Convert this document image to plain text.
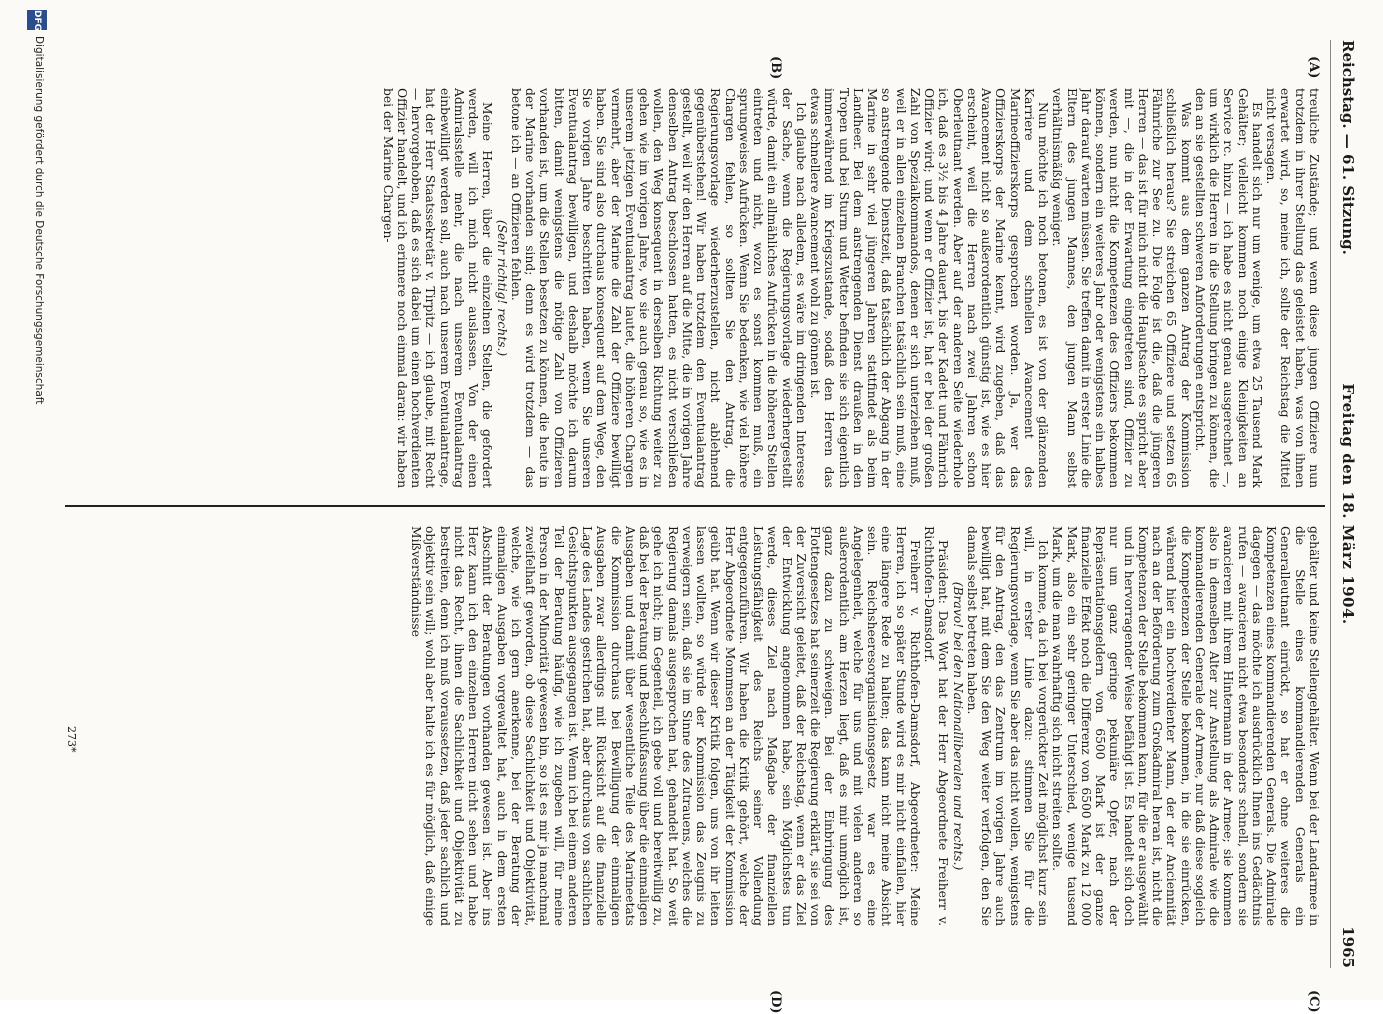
Reichstag. — 61. Sitzung.
Freitag den 18. März 1904.
1965
(A)
(B)
(C)
(D)

treuliche Zustände; und wenn diese jungen Offiziere nun trotzdem in ihrer Stellung das geleistet haben, was von ihnen erwartet wird, so, meine ich, sollte der Reichstag die Mittel nicht versagen.

Es handelt sich nur um wenige, um etwa 25 Tausend Mark Gehälter; vielleicht kommen noch einige Kleinigkeiten an Service rc. hinzu — ich habe es nicht genau ausgerechnet —, um wirklich die Herren in die Stellung bringen zu können, die den an sie gestellten schweren Anforderungen entspricht.

Was kommt aus dem ganzen Antrag der Kommission schließlich heraus? Sie streichen 65 Offiziere und setzen 65 Fähnriche zur See zu. Die Folge ist die, daß die jüngeren Herren — das ist für mich nicht die Hauptsache es spricht aber mit —, die in der Erwartung eingetreten sind, Offizier zu werden, nun nicht die Kompetenzen des Offiziers bekommen können, sondern ein weiteres Jahr oder wenigstens ein halbes Jahr darauf warten müssen. Sie treffen damit in erster Linie die Eltern des jungen Mannes, den jungen Mann selbst verhältnismäßig weniger.

Nun möchte ich noch betonen, es ist von der glänzenden Karriere und dem schnellen Avancement des Marineoffizierskorps gesprochen worden. Ja, wer das Offizierskorps der Marine kennt, wird zugeben, daß das Avancement nicht so außerordentlich günstig ist, wie es hier erscheint, weil die Herren nach zwei Jahren schon Oberleutnant werden. Aber auf der anderen Seite wiederhole ich, daß es 3½ bis 4 Jahre dauert, bis der Kadett und Fähnrich Offizier wird; und wenn er Offizier ist, hat er bei der großen Zahl von Spezialkommandos, denen er sich unterziehen muß, weil er in allen einzelnen Branchen tatsächlich sein muß, eine so anstrengende Dienstzeit, daß tatsächlich der Abgang in der Marine in sehr viel jüngeren Jahren stattfindet als beim Landheer. Bei dem anstrengenden Dienst draußen in den Tropen und bei Sturm und Wetter befinden sie sich eigentlich immerwährend im Kriegszustande, sodaß den Herren das etwas schnellere Avancement wohl zu gönnen ist.

Ich glaube nach alledem, es wäre im dringenden Interesse der Sache, wenn die Regierungsvorlage wiederhergestellt würde, damit ein allmähliches Aufrücken in die höheren Stellen eintreten und nicht, wozu es sonst kommen muß, ein sprungweises Aufrücken. Wenn Sie bedenken, wie viel höhere Chargen fehlen, so sollten Sie den Antrag, die Regierungsvorlage wiederherzustellen, nicht ablehnend gegenüberstehen! Wir haben trotzdem den Eventualantrag gestellt, weil wir den Herren auf die Mitte, die in vorigen Jahre denselben Antrag beschlossen hatten, es nicht verschließen wollen, den Weg konsequent in derselben Richtung weiter zu gehen wie im vorigen Jahre, wo sie auch genau so, wie es in unserem jetzigen Eventualantrag lautet, die höheren Chargen vermehrt, aber der Marine die Zahl der Offiziere bewilligt haben. Sie sind also durchaus konsequent auf dem Wege, den Sie vorigen Jahre beschritten haben, wenn Sie unseren Eventualantrag bewilligen, und deshalb möchte ich darum bitten, damit wenigstens die nötige Zahl von Offizieren vorhanden ist, um die Stellen besetzen zu können, die heute in der Marine vorhanden sind; denn es wird trotzdem — das betone ich — an Offizieren fehlen.

(Sehr richtig! rechts.)

Meine Herren, über die einzelnen Stellen, die gefordert werden, will ich mich nicht auslassen. Von der einen Admiralsstelle mehr, die nach unserem Eventualantrag einbewilligt werden soll, auch nach unserem Eventualantrage, hat der Herr Staatssekretär v. Tirpitz — ich glaube, mit Recht — hervorgehoben, daß es sich dabei um einen hochverdienten Offizier handelt, und ich erinnere noch einmal daran: wir haben bei der Marine Chargen-

gehälter und keine Stellengehälter. Wenn bei der Landarmee in die Stelle eines kommandierenden Generals ein Generalleutnant einrückt, so hat er ohne weiteres die Kompetenzen eines kommandierenden Generals. Die Admirale dagegen — das möchte ich ausdrücklich Ihnen ins Gedächtnis rufen — avancieren nicht etwa besonders schnell, sondern sie avancieren mit ihrem Hintermann in der Armee; sie kommen also in demselben Alter zur Anstellung als Admirale wie die kommandierenden Generale der Armee, nur daß diese sogleich die Kompetenzen der Stelle bekommen, in die sie einrücken, während hier ein hochverdienter Mann, der der Anciennität nach an der Beförderung zum Großadmiral heran ist, nicht die Kompetenzen der Stelle bekommen kann, für die er ausgewählt und in hervorragender Weise befähigt ist. Es handelt sich doch nur um ganz geringe pekuniäre Opfer, nach der Repräsentationsgeldern von 6500 Mark ist der ganze finanzielle Effekt noch die Differenz von 6500 Mark zu 12 000 Mark, also ein sehr geringer Unterschied, wenige tausend Mark, um die man wahrhaftig sich nicht streiten sollte.

Ich komme, da ich bei vorgerückter Zeit möglichst kurz sein will, in erster Linie dazu: stimmen Sie für die Regierungsvorlage, wenn Sie aber das nicht wollen, wenigstens für den Antrag, den das Zentrum im vorigen Jahre auch bewilligt hat, mit dem Sie den Weg weiter verfolgen, den Sie damals selbst betreten haben.

(Bravo! bei den Nationalliberalen und rechts.)

Präsident: Das Wort hat der Herr Abgeordnete Freiherr v. Richthofen-Damsdorf.

Freiherr v. Richthofen-Damsdorf, Abgeordneter: Meine Herren, ich so später Stunde wird es mir nicht einfallen, hier eine längere Rede zu halten; das kann nicht meine Absicht sein. Reichsheeresorganisationsgesetz war es eine Angelegenheit, welche für uns und mit vielen anderen so außerordentlich am Herzen liegt, daß es mir unmöglich ist, ganz dazu zu schweigen. Bei der Einbringung des Flottengesetzes hat seinerzeit die Regierung erklärt, sie sei von der Zuversicht geleitet, daß der Reichstag, wenn er das Ziel der Entwicklung angenommen habe, sein Möglichstes tun werde, dieses Ziel nach Maßgabe der finanziellen Leistungsfähigkeit des Reichs seiner Vollendung entgegenzuführen. Wir haben die Kritik gehört, welche der Herr Abgeordnete Mommsen an der Tätigkeit der Kommission geübt hat. Wenn wir dieser Kritik folgen, uns von ihr leiten lassen wollten, so würde der Kommission das Zeugnis zu verweigern sein, daß sie im Sinne des Zutrauens, welches die Regierung damals ausgesprochen hat, gehandelt hat. So weit gehe ich nicht; im Gegenteil, ich gebe voll und bereitwillig zu, daß bei der Beratung und Beschlußfassung über die einmaligen Ausgaben und damit über wesentliche Teile des Marineetats die Kommission durchaus bei Bewilligung der einmaligen Ausgaben zwar allerdings mit Rücksicht auf die finanzielle Lage des Landes gestrichen hat, aber durchaus von sachlichen Gesichtspunkten ausgegangen ist. Wenn ich bei einem anderen Teil der Beratung häufig, wie ich zugeben will, für meine Person in der Minorität gewesen bin, so ist es mir ja manchmal zweifelhaft geworden, ob diese Sachlichkeit und Objektivität, welche, wie ich gern anerkenne, bei der Beratung der einmaligen Ausgaben vorgewaltet hat, auch in dem ersten Abschnitt der Beratungen vorhanden gewesen ist. Aber ins Herz kann ich den einzelnen Herren nicht sehen und habe nicht das Recht, ihnen die Sachlichkeit und Objektivität zu bestreiten, denn ich muß voraussetzen, daß jeder sachlich und objektiv sein will; wohl aber halte ich es für möglich, daß einige Mißverständnisse

273*
DFG
Digitalisierung gefördert durch die Deutsche Forschungsgemeinschaft
